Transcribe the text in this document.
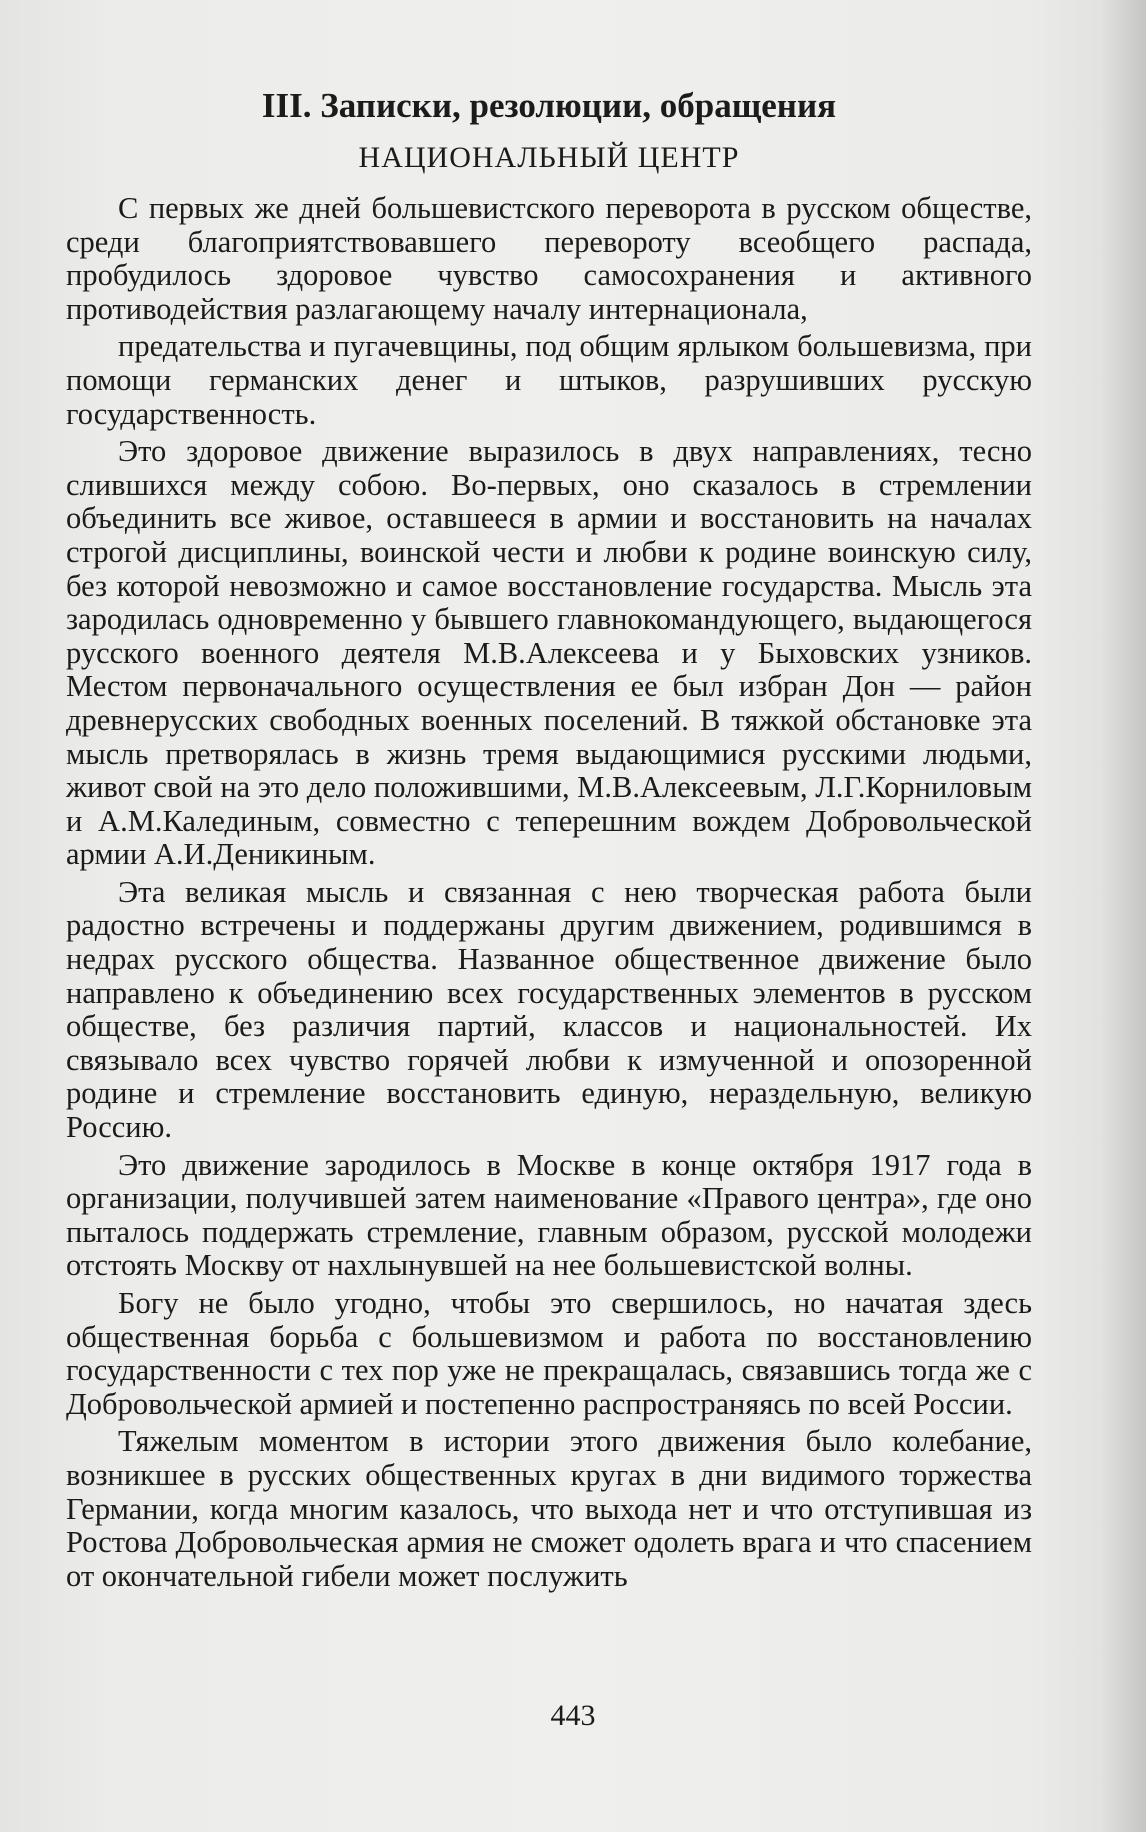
III. Записки, резолюции, обращения
НАЦИОНАЛЬНЫЙ ЦЕНТР

С первых же дней большевистского переворота в русском обществе, среди благоприятствовавшего перевороту всеобщего распада, пробудилось здоровое чувство самосохранения и активного противодействия разлагающему началу интернационала,

предательства и пугачевщины, под общим ярлыком большевизма, при помощи германских денег и штыков, разрушивших русскую государственность.

Это здоровое движение выразилось в двух направлениях, тесно слившихся между собою. Во-первых, оно сказалось в стремлении объединить все живое, оставшееся в армии и восстановить на началах строгой дисциплины, воинской чести и любви к родине воинскую силу, без которой невозможно и самое восстановление государства. Мысль эта зародилась одновременно у бывшего главнокомандующего, выдающегося русского военного деятеля М.В.Алексеева и у Быховских узников. Местом первоначального осуществления ее был избран Дон — район древнерусских свободных военных поселений. В тяжкой обстановке эта мысль претворялась в жизнь тремя выдающимися русскими людьми, живот свой на это дело положившими, М.В.Алексеевым, Л.Г.Корниловым и А.М.Калединым, совместно с теперешним вождем Добровольческой армии А.И.Деникиным.

Эта великая мысль и связанная с нею творческая работа были радостно встречены и поддержаны другим движением, родившимся в недрах русского общества. Названное общественное движение было направлено к объединению всех государственных элементов в русском обществе, без различия партий, классов и национальностей. Их связывало всех чувство горячей любви к измученной и опозоренной родине и стремление восстановить единую, нераздельную, великую Россию.

Это движение зародилось в Москве в конце октября 1917 года в организации, получившей затем наименование «Правого центра», где оно пыталось поддержать стремление, главным образом, русской молодежи отстоять Москву от нахлынувшей на нее большевистской волны.

Богу не было угодно, чтобы это свершилось, но начатая здесь общественная борьба с большевизмом и работа по восстановлению государственности с тех пор уже не прекращалась, связавшись тогда же с Добровольческой армией и постепенно распространяясь по всей России.

Тяжелым моментом в истории этого движения было колебание, возникшее в русских общественных кругах в дни видимого торжества Германии, когда многим казалось, что выхода нет и что отступившая из Ростова Добровольческая армия не сможет одолеть врага и что спасением от окончательной гибели может послужить

443
